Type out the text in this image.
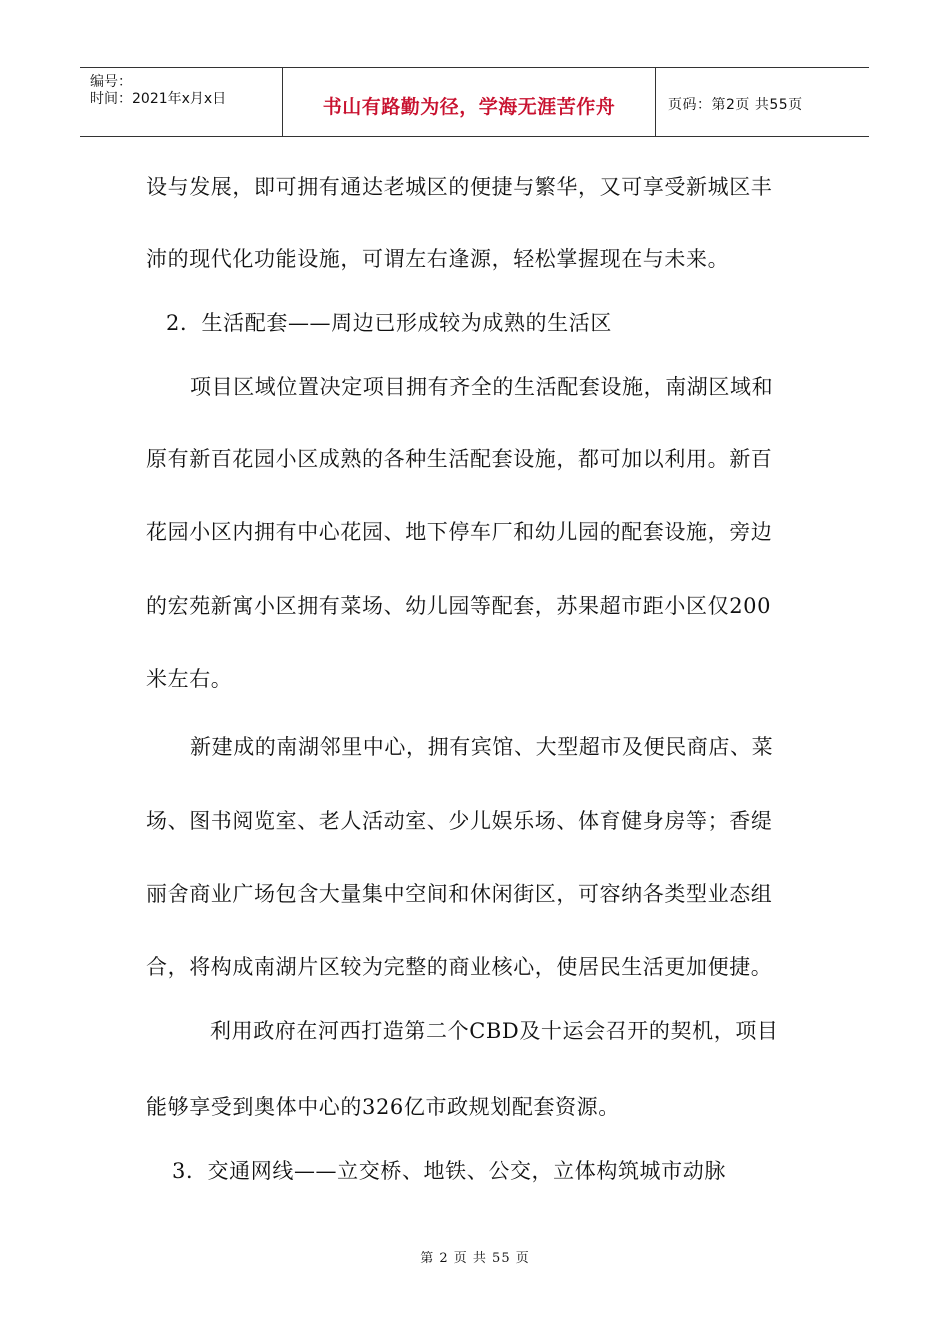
编号：
时间：2021年x月x日	书山有路勤为径，学海无涯苦作舟	页码：第2页 共55页
设与发展，即可拥有通达老城区的便捷与繁华，又可享受新城区丰
沛的现代化功能设施，可谓左右逢源，轻松掌握现在与未来。
2．生活配套——周边已形成较为成熟的生活区
项目区域位置决定项目拥有齐全的生活配套设施，南湖区域和
原有新百花园小区成熟的各种生活配套设施，都可加以利用。新百
花园小区内拥有中心花园、地下停车厂和幼儿园的配套设施，旁边
的宏苑新寓小区拥有菜场、幼儿园等配套，苏果超市距小区仅200
米左右。
新建成的南湖邻里中心，拥有宾馆、大型超市及便民商店、菜
场、图书阅览室、老人活动室、少儿娱乐场、体育健身房等；香缇
丽舍商业广场包含大量集中空间和休闲街区，可容纳各类型业态组
合，将构成南湖片区较为完整的商业核心，使居民生活更加便捷。
利用政府在河西打造第二个CBD及十运会召开的契机，项目
能够享受到奥体中心的326亿市政规划配套资源。
3．交通网线——立交桥、地铁、公交，立体构筑城市动脉
第 2 页 共 55 页
